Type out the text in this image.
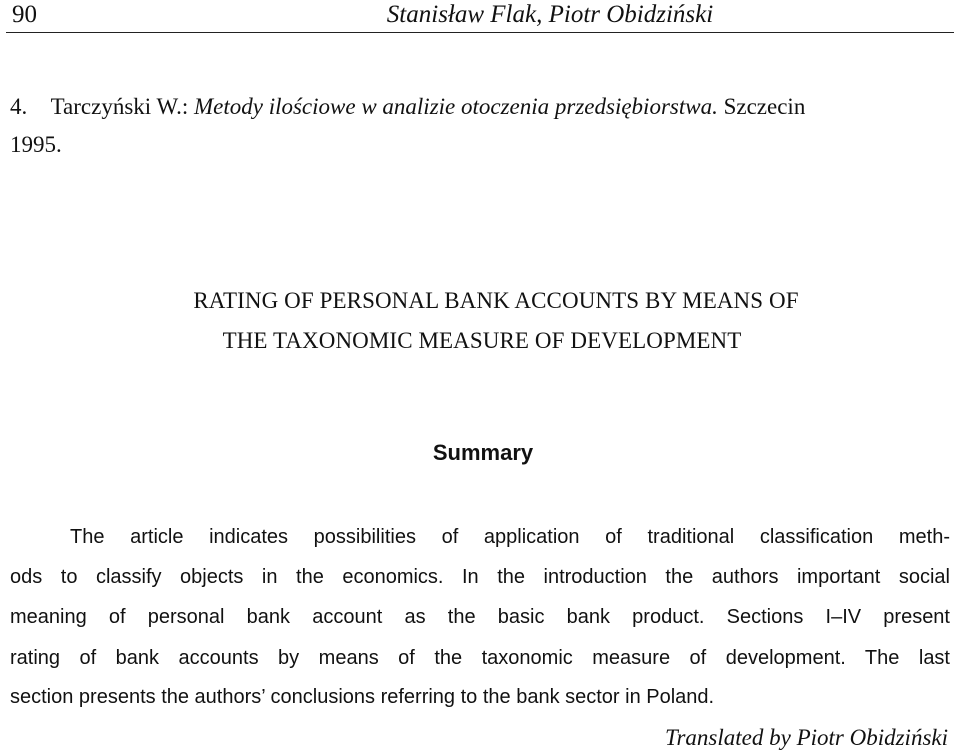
90	Stanisław Flak, Piotr Obidziński
4. Tarczyński W.: Metody ilościowe w analizie otoczenia przedsiębiorstwa. Szczecin
1995.
RATING OF PERSONAL BANK ACCOUNTS BY MEANS OF
THE TAXONOMIC MEASURE OF DEVELOPMENT
Summary
The article indicates possibilities of application of traditional classification meth-
ods to classify objects in the economics. In the introduction the authors important social
meaning of personal bank account as the basic bank product. Sections I–IV present
rating of bank accounts by means of the taxonomic measure of development. The last
section presents the authors’ conclusions referring to the bank sector in Poland.
Translated by Piotr Obidziński
